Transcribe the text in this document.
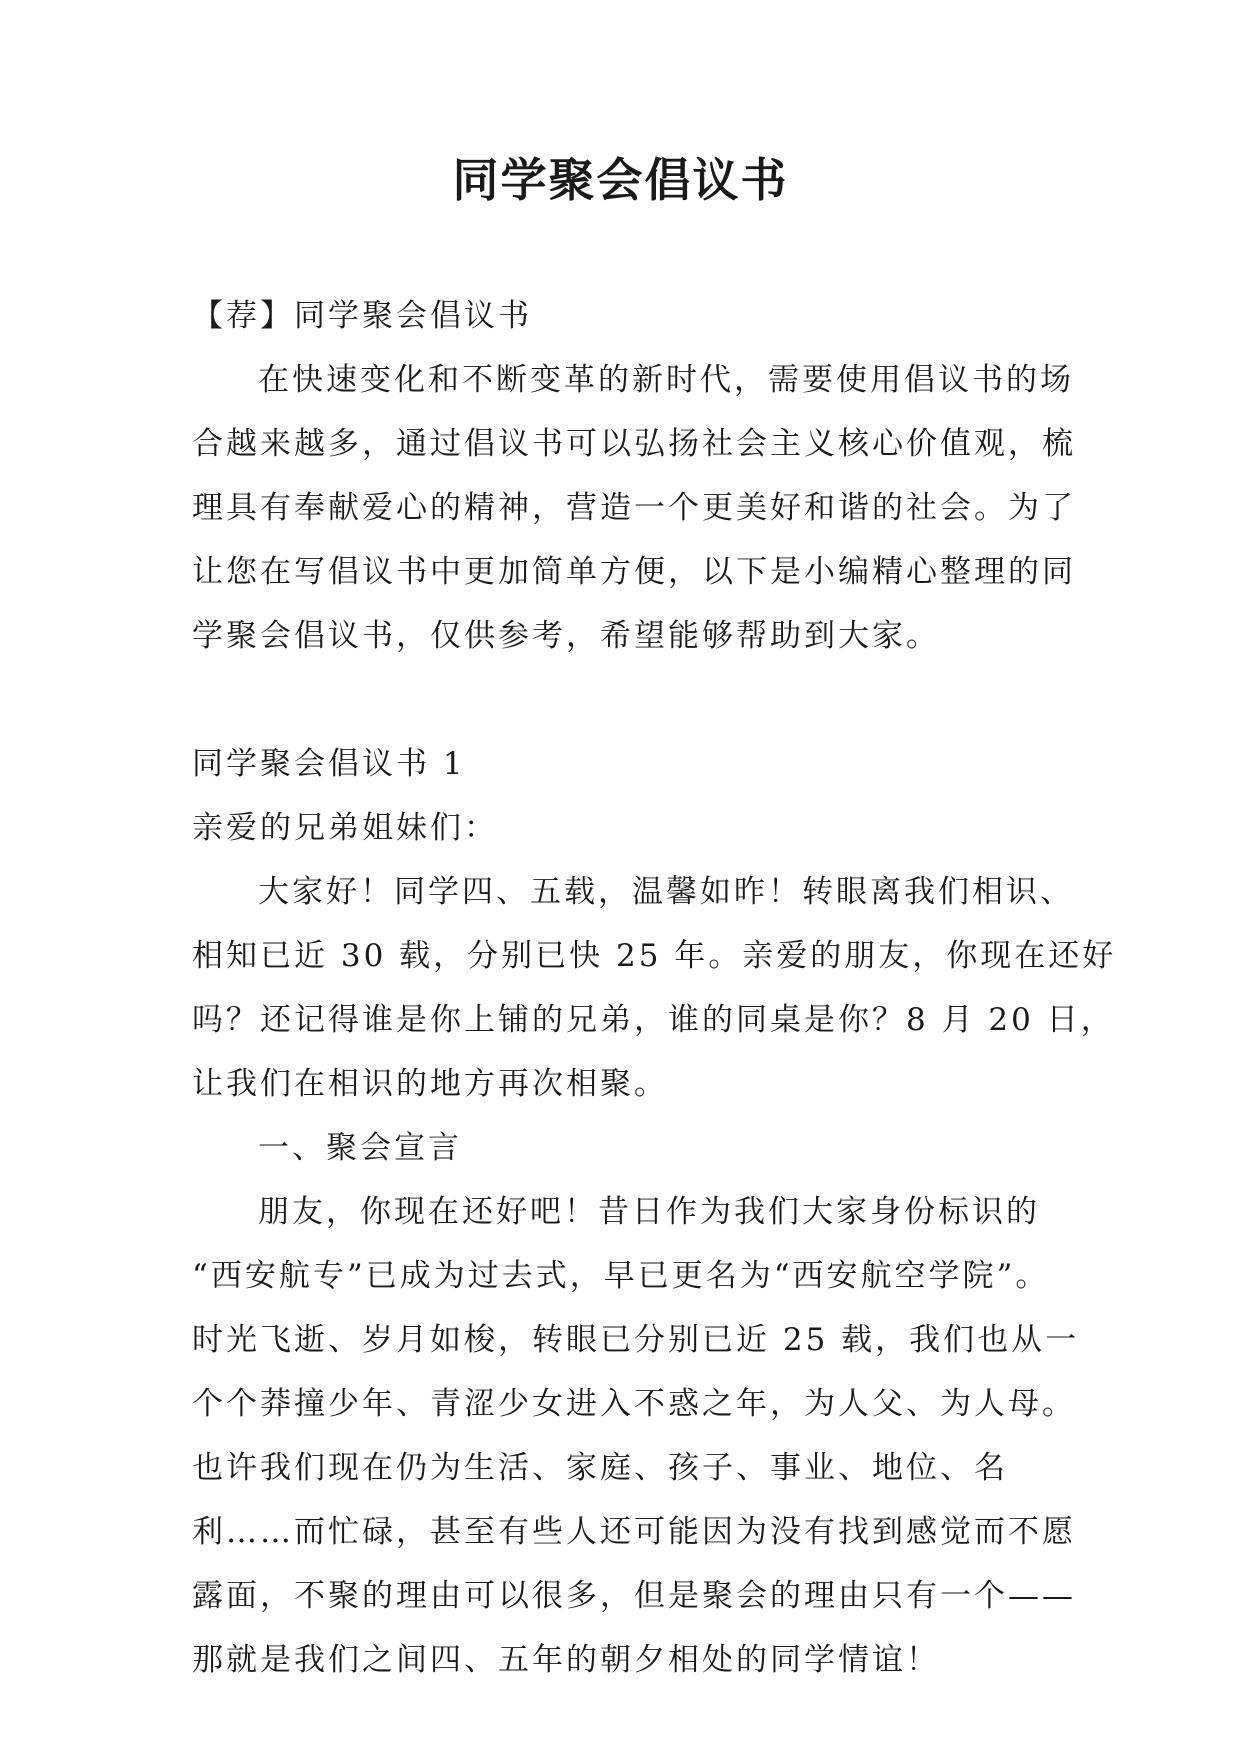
同学聚会倡议书
【荐】同学聚会倡议书
在快速变化和不断变革的新时代，需要使用倡议书的场
合越来越多，通过倡议书可以弘扬社会主义核心价值观，梳
理具有奉献爱心的精神，营造一个更美好和谐的社会。为了
让您在写倡议书中更加简单方便，以下是小编精心整理的同
学聚会倡议书，仅供参考，希望能够帮助到大家。
同学聚会倡议书 1
亲爱的兄弟姐妹们：
大家好！同学四、五载，温馨如昨！转眼离我们相识、
相知已近 30 载，分别已快 25 年。亲爱的朋友，你现在还好
吗？还记得谁是你上铺的兄弟，谁的同桌是你？8 月 20 日，
让我们在相识的地方再次相聚。
一、聚会宣言
朋友，你现在还好吧！昔日作为我们大家身份标识的
“西安航专”已成为过去式，早已更名为“西安航空学院”。
时光飞逝、岁月如梭，转眼已分别已近 25 载，我们也从一
个个莽撞少年、青涩少女进入不惑之年，为人父、为人母。
也许我们现在仍为生活、家庭、孩子、事业、地位、名
利……而忙碌，甚至有些人还可能因为没有找到感觉而不愿
露面，不聚的理由可以很多，但是聚会的理由只有一个——
那就是我们之间四、五年的朝夕相处的同学情谊！
